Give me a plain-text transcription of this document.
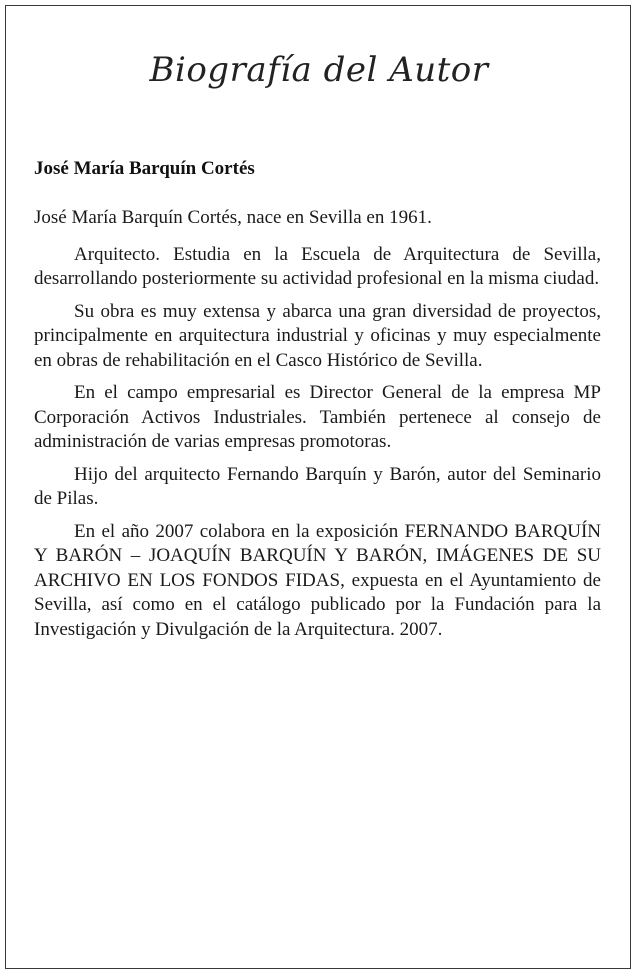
Biografía del Autor
José María Barquín Cortés

José María Barquín Cortés, nace en Sevilla en 1961.

Arquitecto. Estudia en la Escuela de Arquitectura de Sevilla, desarrollando posteriormente su actividad profesional en la misma ciudad.

Su obra es muy extensa y abarca una gran diversidad de proyectos, principalmente en arquitectura industrial y oficinas y muy especialmente en obras de rehabilitación en el Casco Histórico de Sevilla.

En el campo empresarial es Director General de la empresa MP Corporación Activos Industriales. También pertenece al consejo de administración de varias empresas promotoras.

Hijo del arquitecto Fernando Barquín y Barón, autor del Seminario de Pilas.

En el año 2007 colabora en la exposición FERNANDO BARQUÍN Y BARÓN – JOAQUÍN BARQUÍN Y BARÓN, IMÁGENES DE SU ARCHIVO EN LOS FONDOS FIDAS, expuesta en el Ayuntamiento de Sevilla, así como en el catálogo publicado por la Fundación para la Investigación y Divulgación de la Arquitectura. 2007.
